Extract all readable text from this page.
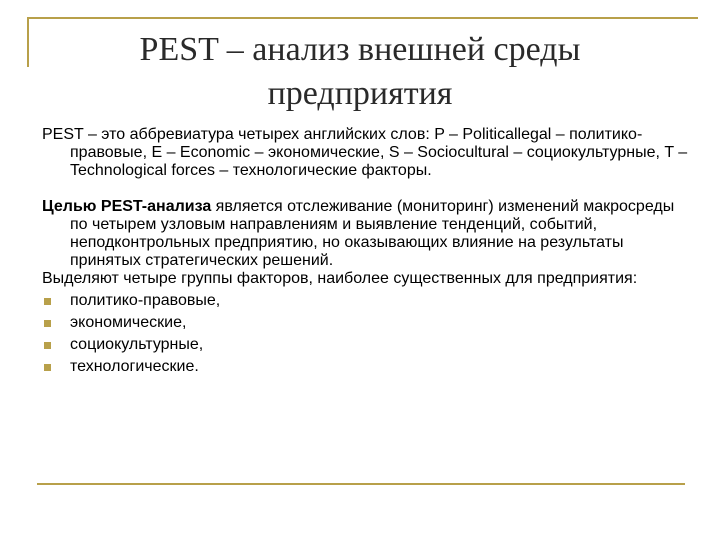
PEST – анализ внешней среды
предприятия

PEST – это аббревиатура четырех английских слов: P – Politicallegal – политико-правовые, E – Economic – экономические, S – Sociocultural – социокультурные, T – Technological forces – технологические факторы.

Целью PEST-анализа является отслеживание (мониторинг) изменений макросреды по четырем узловым направлениям и выявление тенденций, событий, неподконтрольных предприятию, но оказывающих влияние на результаты принятых стратегических решений.

Выделяют четыре группы факторов, наиболее существенных для предприятия:

политико-правовые,
экономические,
социокультурные,
технологические.
